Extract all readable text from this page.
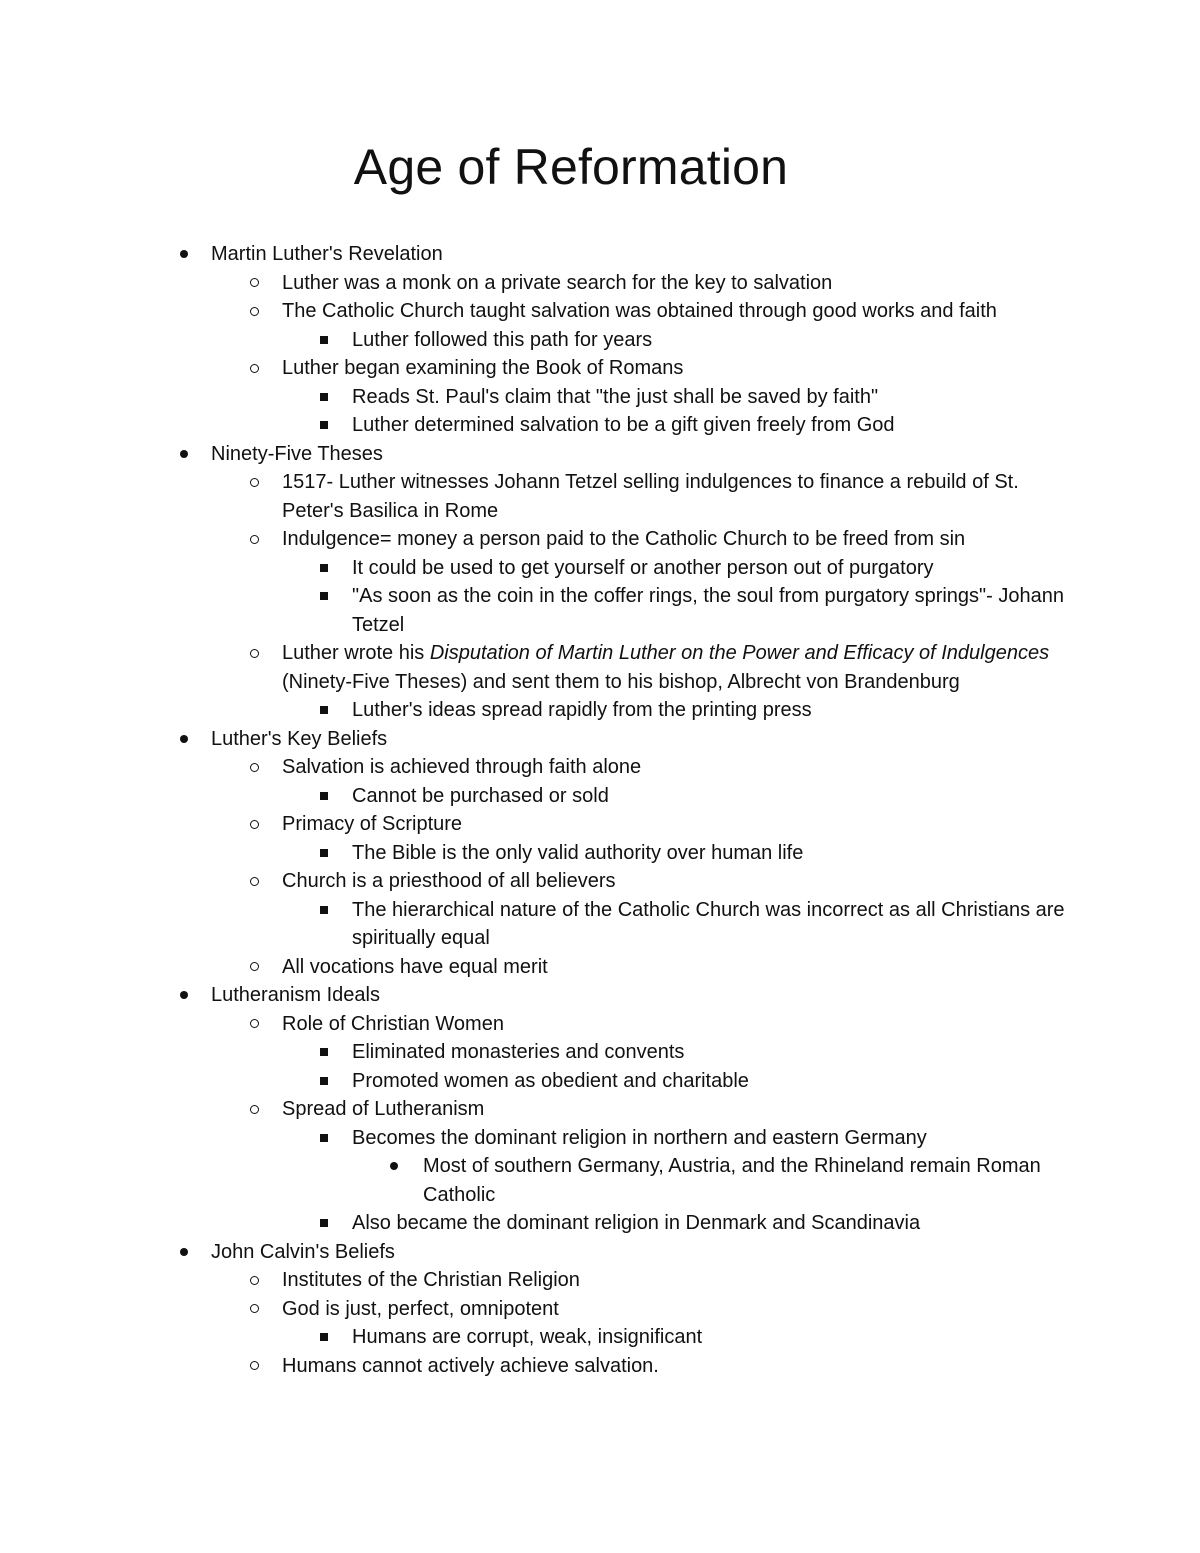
Age of Reformation
Martin Luther's Revelation
Luther was a monk on a private search for the key to salvation
The Catholic Church taught salvation was obtained through good works and faith
Luther followed this path for years
Luther began examining the Book of Romans
Reads St. Paul's claim that "the just shall be saved by faith"
Luther determined salvation to be a gift given freely from God
Ninety-Five Theses
1517- Luther witnesses Johann Tetzel selling indulgences to finance a rebuild of St. Peter's Basilica in Rome
Indulgence= money a person paid to the Catholic Church to be freed from sin
It could be used to get yourself or another person out of purgatory
"As soon as the coin in the coffer rings, the soul from purgatory springs"- Johann Tetzel
Luther wrote his Disputation of Martin Luther on the Power and Efficacy of Indulgences (Ninety-Five Theses) and sent them to his bishop, Albrecht von Brandenburg
Luther's ideas spread rapidly from the printing press
Luther's Key Beliefs
Salvation is achieved through faith alone
Cannot be purchased or sold
Primacy of Scripture
The Bible is the only valid authority over human life
Church is a priesthood of all believers
The hierarchical nature of the Catholic Church was incorrect as all Christians are spiritually equal
All vocations have equal merit
Lutheranism Ideals
Role of Christian Women
Eliminated monasteries and convents
Promoted women as obedient and charitable
Spread of Lutheranism
Becomes the dominant religion in northern and eastern Germany
Most of southern Germany, Austria, and the Rhineland remain Roman Catholic
Also became the dominant religion in Denmark and Scandinavia
John Calvin's Beliefs
Institutes of the Christian Religion
God is just, perfect, omnipotent
Humans are corrupt, weak, insignificant
Humans cannot actively achieve salvation.
